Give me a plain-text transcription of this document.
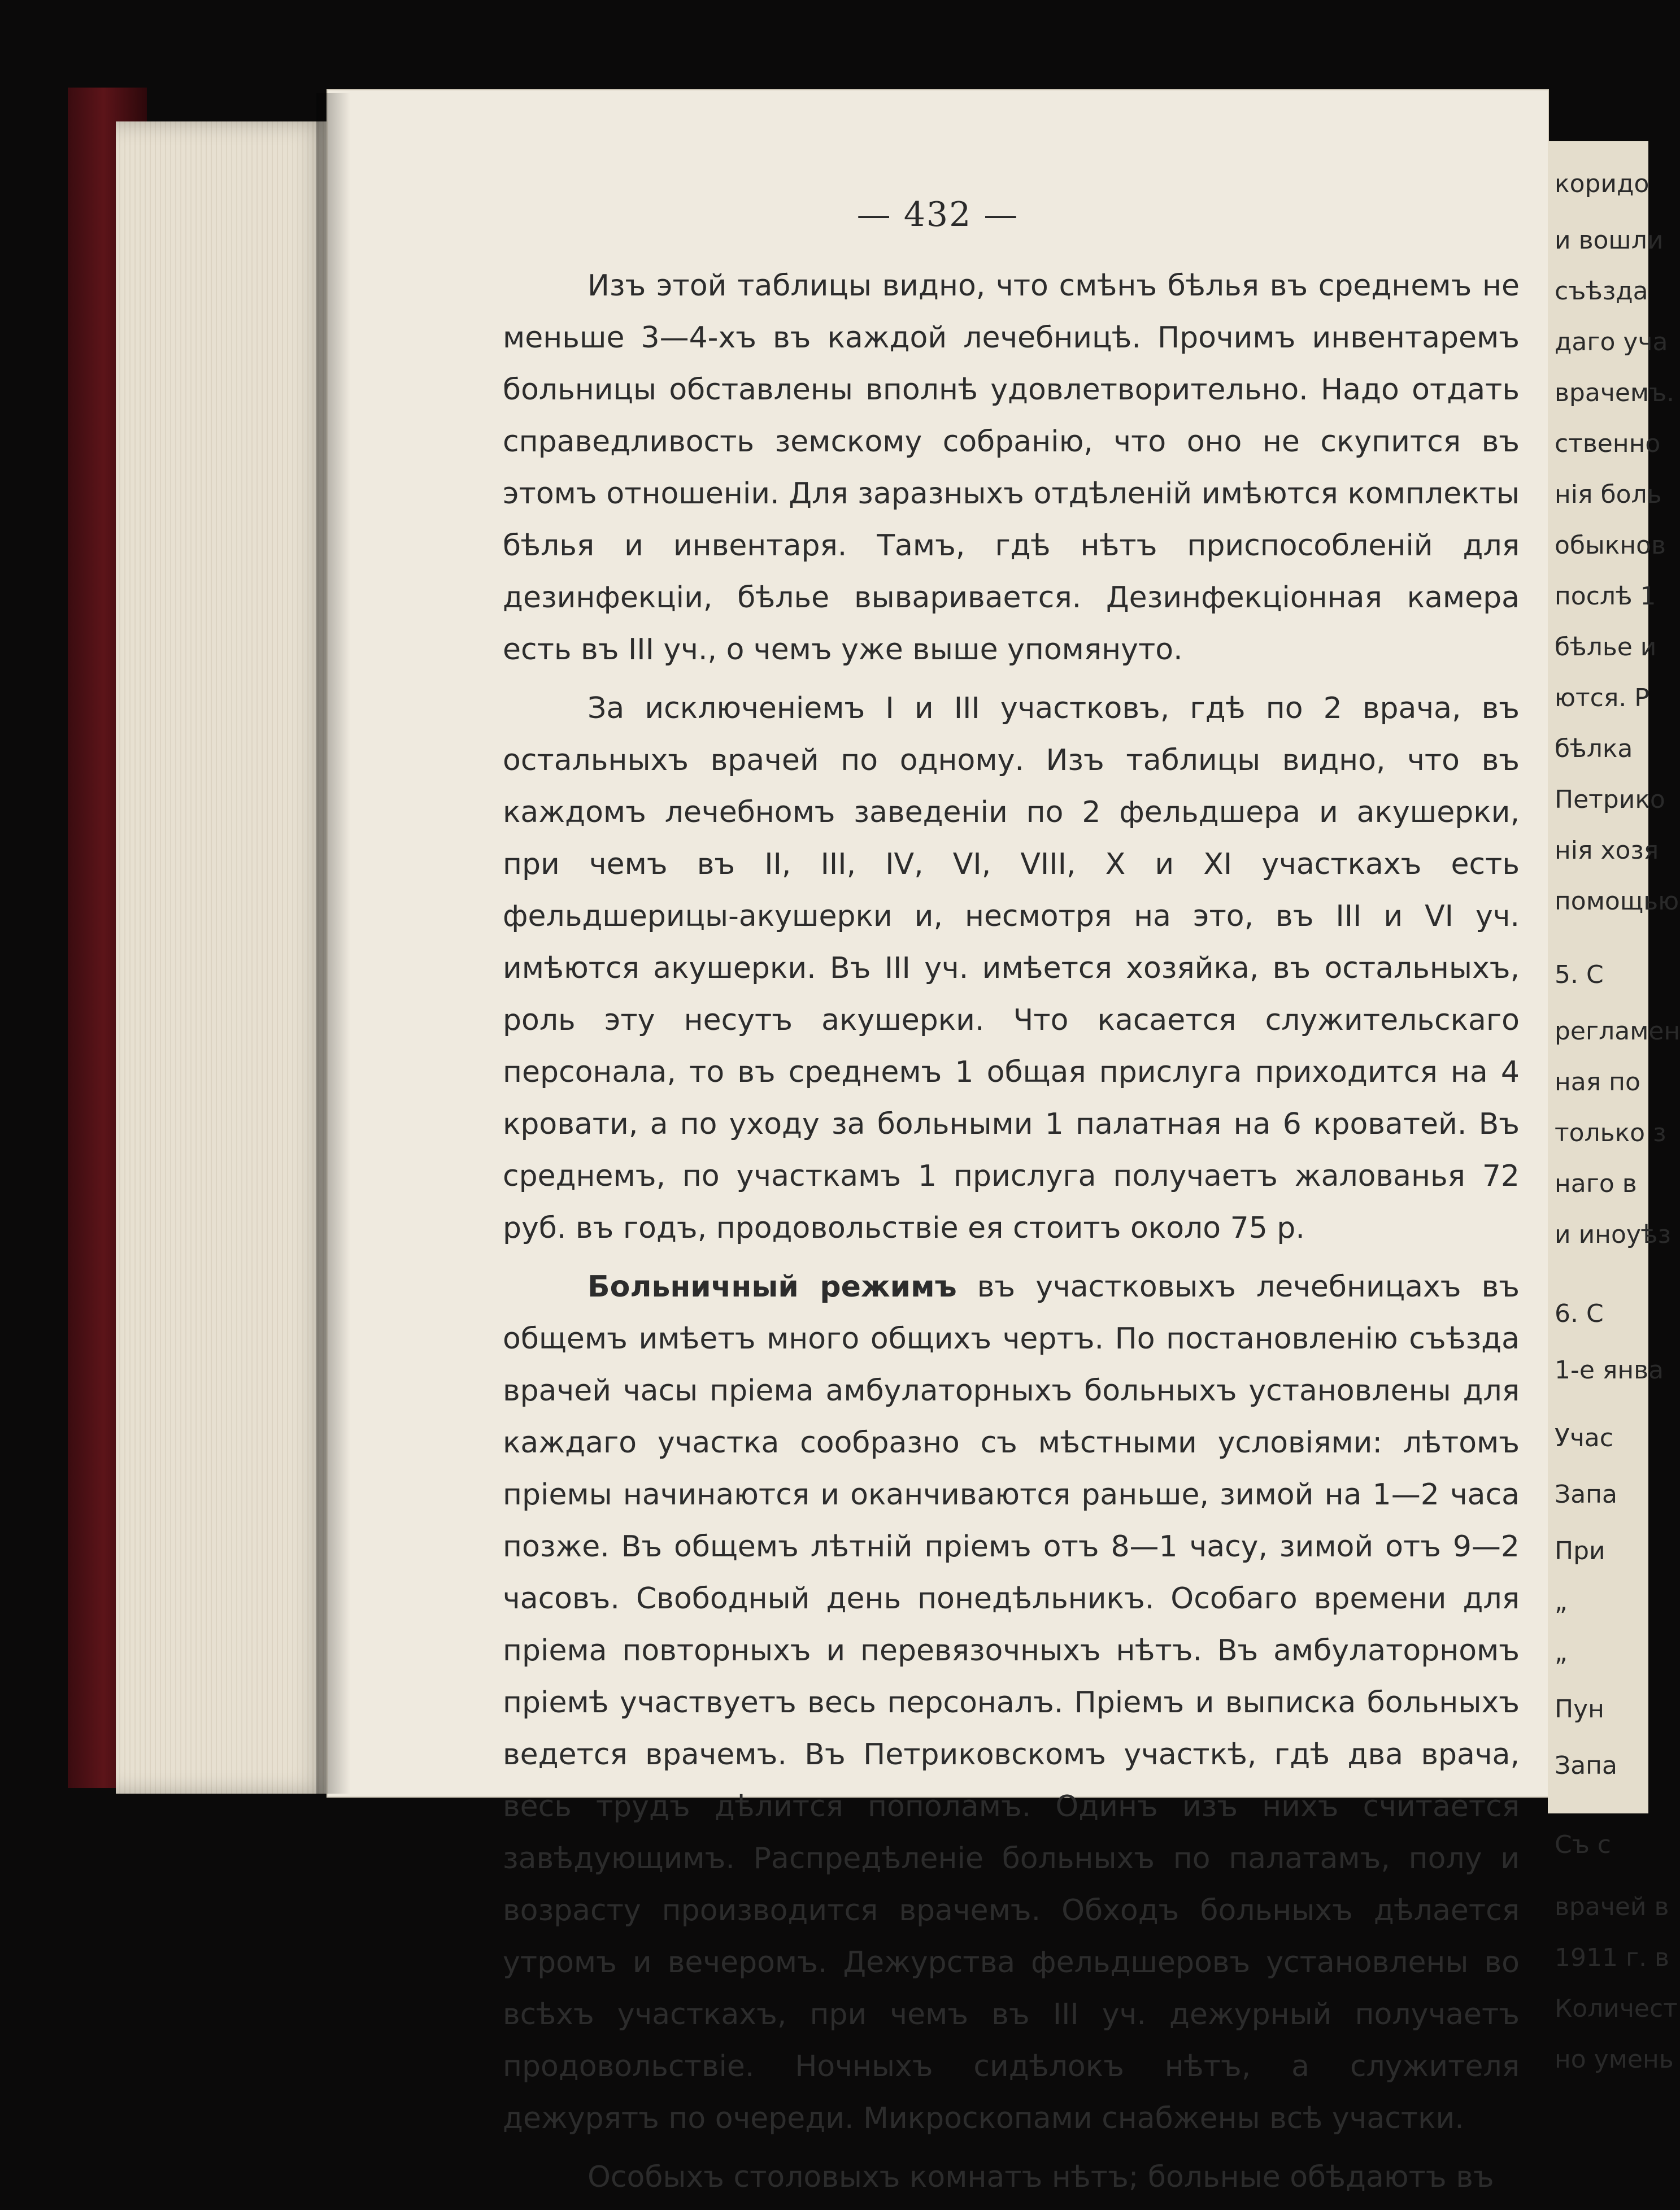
— 432 —
Изъ этой таблицы видно, что смѣнъ бѣлья въ среднемъ не меньше 3—4-хъ въ каждой лечебницѣ. Прочимъ инвентаремъ больницы обставлены вполнѣ удовлетворительно. Надо отдать справедливость земскому собранію, что оно не скупится въ этомъ отношеніи. Для заразныхъ отдѣленій имѣются комплекты бѣлья и инвентаря. Тамъ, гдѣ нѣтъ приспособленій для дезинфекціи, бѣлье вываривается. Дезинфекціонная камера есть въ III уч., о чемъ уже выше упомянуто.
За исключеніемъ I и III участковъ, гдѣ по 2 врача, въ остальныхъ врачей по одному. Изъ таблицы видно, что въ каждомъ лечебномъ заведеніи по 2 фельдшера и акушерки, при чемъ въ II, III, IV, VI, VIII, X и XI участкахъ есть фельдшерицы-акушерки и, несмотря на это, въ III и VI уч. имѣются акушерки. Въ III уч. имѣется хозяйка, въ остальныхъ, роль эту несутъ акушерки. Что касается служительскаго персонала, то въ среднемъ 1 общая прислуга приходится на 4 кровати, а по уходу за больными 1 палатная на 6 кроватей. Въ среднемъ, по участкамъ 1 прислуга получаетъ жалованья 72 руб. въ годъ, продовольствіе ея стоитъ около 75 р.
Больничный режимъ въ участковыхъ лечебницахъ въ общемъ имѣетъ много общихъ чертъ. По постановленію съѣзда врачей часы пріема амбулаторныхъ больныхъ установлены для каждаго участка сообразно съ мѣстными условіями: лѣтомъ пріемы начинаются и оканчиваются раньше, зимой на 1—2 часа позже. Въ общемъ лѣтній пріемъ отъ 8—1 часу, зимой отъ 9—2 часовъ. Свободный день понедѣльникъ. Особаго времени для пріема повторныхъ и перевязочныхъ нѣтъ. Въ амбулаторномъ пріемѣ участвуетъ весь персоналъ. Пріемъ и выписка больныхъ ведется врачемъ. Въ Петриковскомъ участкѣ, гдѣ два врача, весь трудъ дѣлится пополамъ. Одинъ изъ нихъ считается завѣдующимъ. Распредѣленіе больныхъ по палатамъ, полу и возрасту производится врачемъ. Обходъ больныхъ дѣлается утромъ и вечеромъ. Дежурства фельдшеровъ установлены во всѣхъ участкахъ, при чемъ въ III уч. дежурный получаетъ продовольствіе. Ночныхъ сидѣлокъ нѣтъ, а служителя дежурятъ по очереди. Микроскопами снабжены всѣ участки.
Особыхъ столовыхъ комнатъ нѣтъ; больные обѣдаютъ въ
коридо
и вошли
съѣзда
даго уча
врачемъ.
ственно
нія боль
обыкнов
послѣ 1
бѣлье и
ются. Р
бѣлка
Петрико
нія хозя
помощью
5. С
регламен
ная по
только з
наго в
и иноуѣз
6. С
1-е янва
Учас
Запа
При
„
„
Пун
Запа
Съ с
врачей в
1911 г. в
Количест
но умень
